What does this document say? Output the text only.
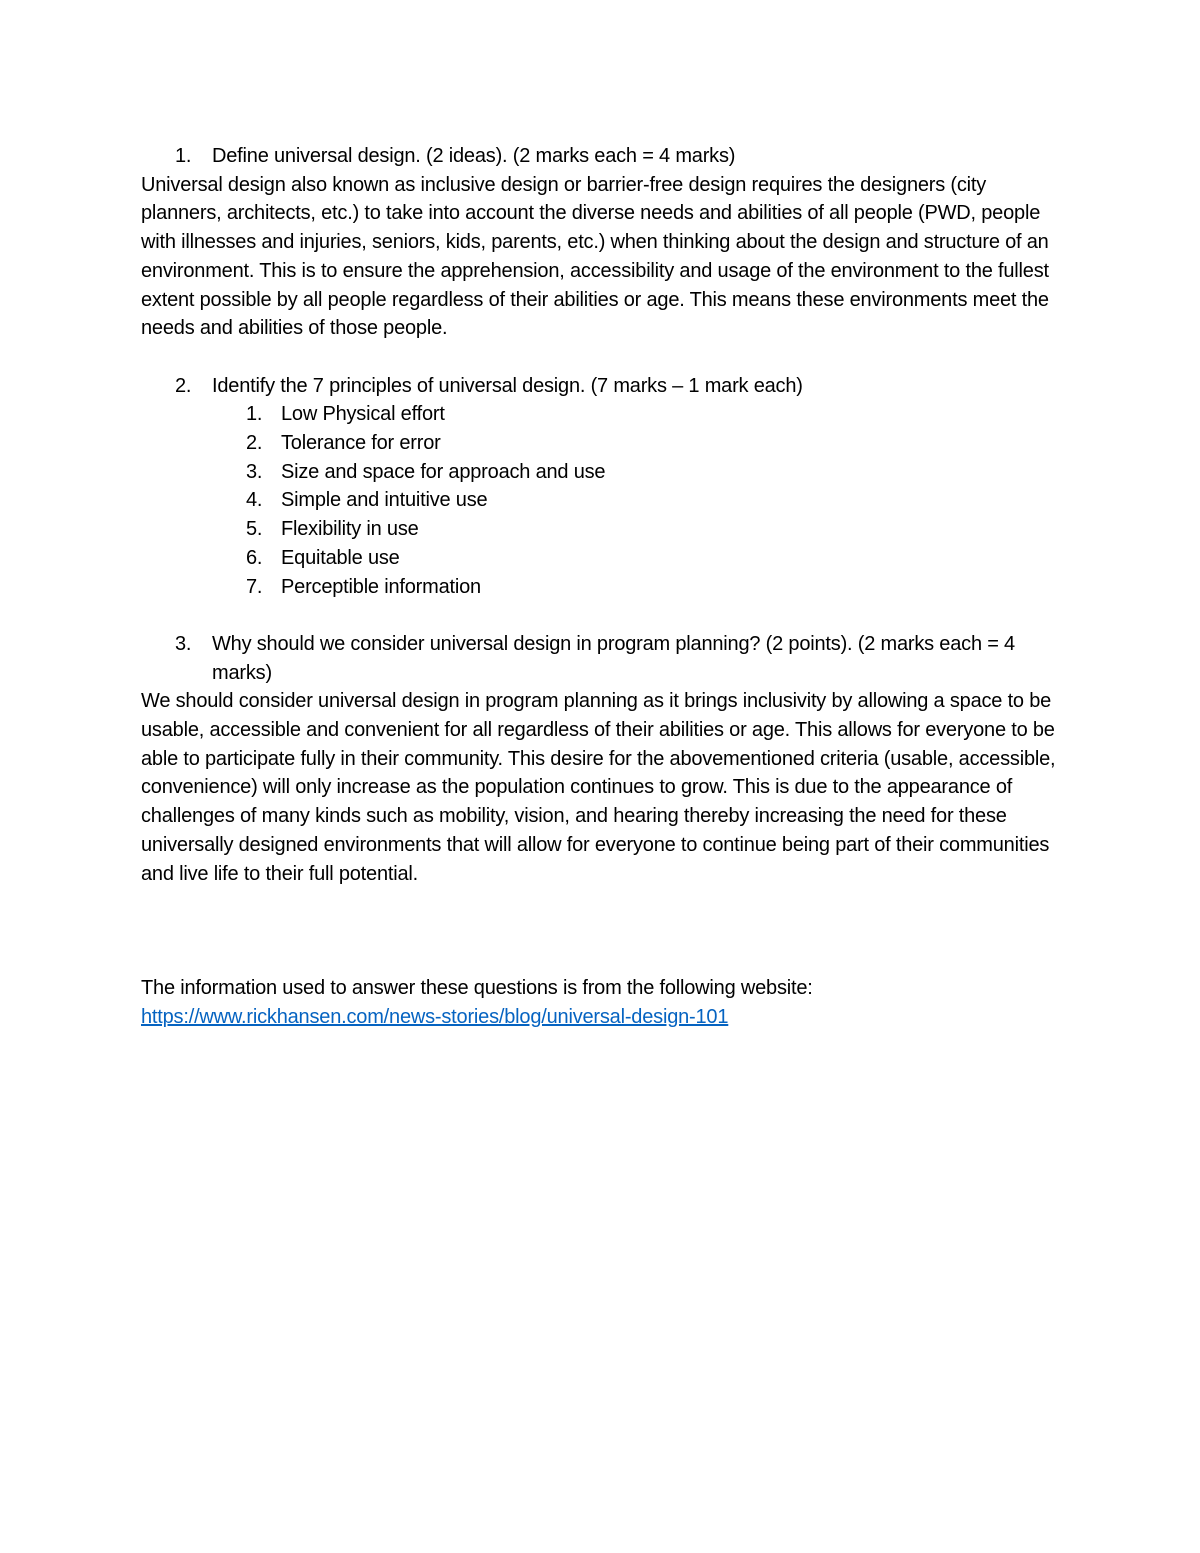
1.	Define universal design. (2 ideas). (2 marks each = 4 marks)

Universal design also known as inclusive design or barrier-free design requires the designers (city planners, architects, etc.) to take into account the diverse needs and abilities of all people (PWD, people with illnesses and injuries, seniors, kids, parents, etc.) when thinking about the design and structure of an environment. This is to ensure the apprehension, accessibility and usage of the environment to the fullest extent possible by all people regardless of their abilities or age. This means these environments meet the needs and abilities of those people.

2.	Identify the 7 principles of universal design. (7 marks – 1 mark each)
1. Low Physical effort
2. Tolerance for error
3. Size and space for approach and use
4. Simple and intuitive use
5. Flexibility in use
6. Equitable use
7. Perceptible information
3.	Why should we consider universal design in program planning? (2 points). (2 marks each = 4 marks)

We should consider universal design in program planning as it brings inclusivity by allowing a space to be usable, accessible and convenient for all regardless of their abilities or age. This allows for everyone to be able to participate fully in their community. This desire for the abovementioned criteria (usable, accessible, convenience) will only increase as the population continues to grow. This is due to the appearance of challenges of many kinds such as mobility, vision, and hearing thereby increasing the need for these universally designed environments that will allow for everyone to continue being part of their communities and live life to their full potential.

The information used to answer these questions is from the following website:

https://www.rickhansen.com/news-stories/blog/universal-design-101
